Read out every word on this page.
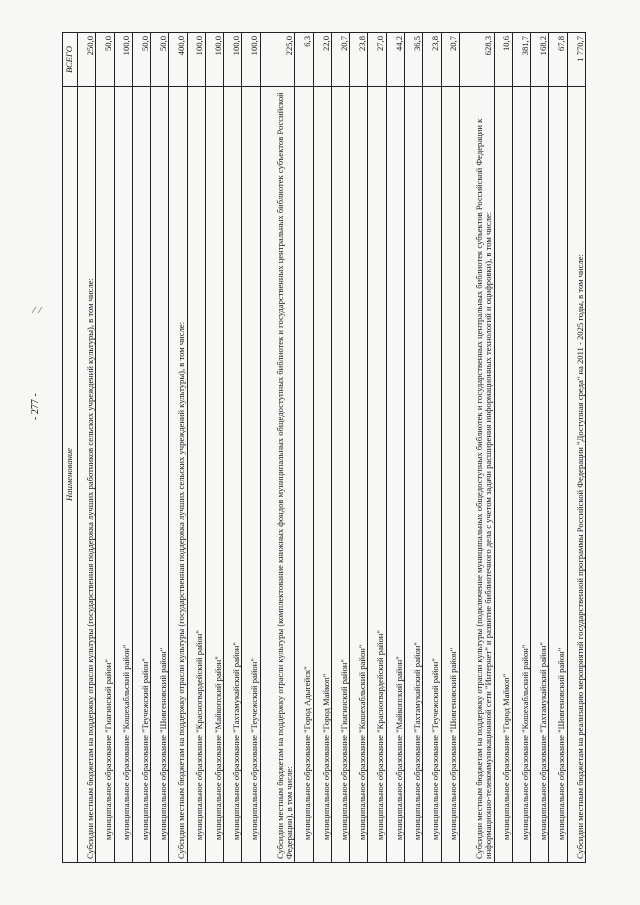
- 277 -
Наименование	ВСЕГО
Субсидии местным бюджетам на поддержку отрасли культуры (государственная поддержка лучших работников сельских учреждений культуры), в том числе:	250,0
муниципальное образование "Гиагинский район"	50,0
муниципальное образование "Кошехабльский район"	100,0
муниципальное образование "Теучежский район"	50,0
муниципальное образование "Шовгеновский район"	50,0
Субсидии местным бюджетам на поддержку отрасли культуры (государственная поддержка лучших сельских учреждений культуры), в том числе:	400,0
муниципальное образование "Красногвардейский район"	100,0
муниципальное образование "Майкопский район"	100,0
муниципальное образование "Тахтамукайский район"	100,0
муниципальное образование "Теучежский район"	100,0
Субсидии местным бюджетам на поддержку отрасли культуры (комплектование книжных фондов муниципальных общедоступных библиотек и государственных центральных библиотек субъектов Российской Федерации), в том числе:	225,0
муниципальное образование "Город Адыгейск"	6,3
муниципальное образование "Город Майкоп"	22,0
муниципальное образование "Гиагинский район"	20,7
муниципальное образование "Кошехабльский район"	23,8
муниципальное образование "Красногвардейский район"	27,0
муниципальное образование "Майкопский район"	44,2
муниципальное образование "Тахтамукайский район"	36,5
муниципальное образование "Теучежский район"	23,8
муниципальное образование "Шовгеновский район"	20,7
Субсидии местным бюджетам на поддержку отрасли культуры (подключение муниципальных общедоступных библиотек и государственных центральных библиотек субъектов Российской Федерации к информационно-телекоммуникационной сети "Интернет" и развитие библиотечного дела с учетом задачи расширения информационных технологий и оцифровки), в том числе:	628,3
муниципальное образование "Город Майкоп"	10,6
муниципальное образование "Кошехабльский район"	381,7
муниципальное образование "Тахтамукайский район"	168,2
муниципальное образование "Шовгеновский район"	67,8
Субсидии местным бюджетам на реализацию мероприятий государственной программы Российской Федерации "Доступная среда" на 2011 - 2025 годы, в том числе:	1 770,7
